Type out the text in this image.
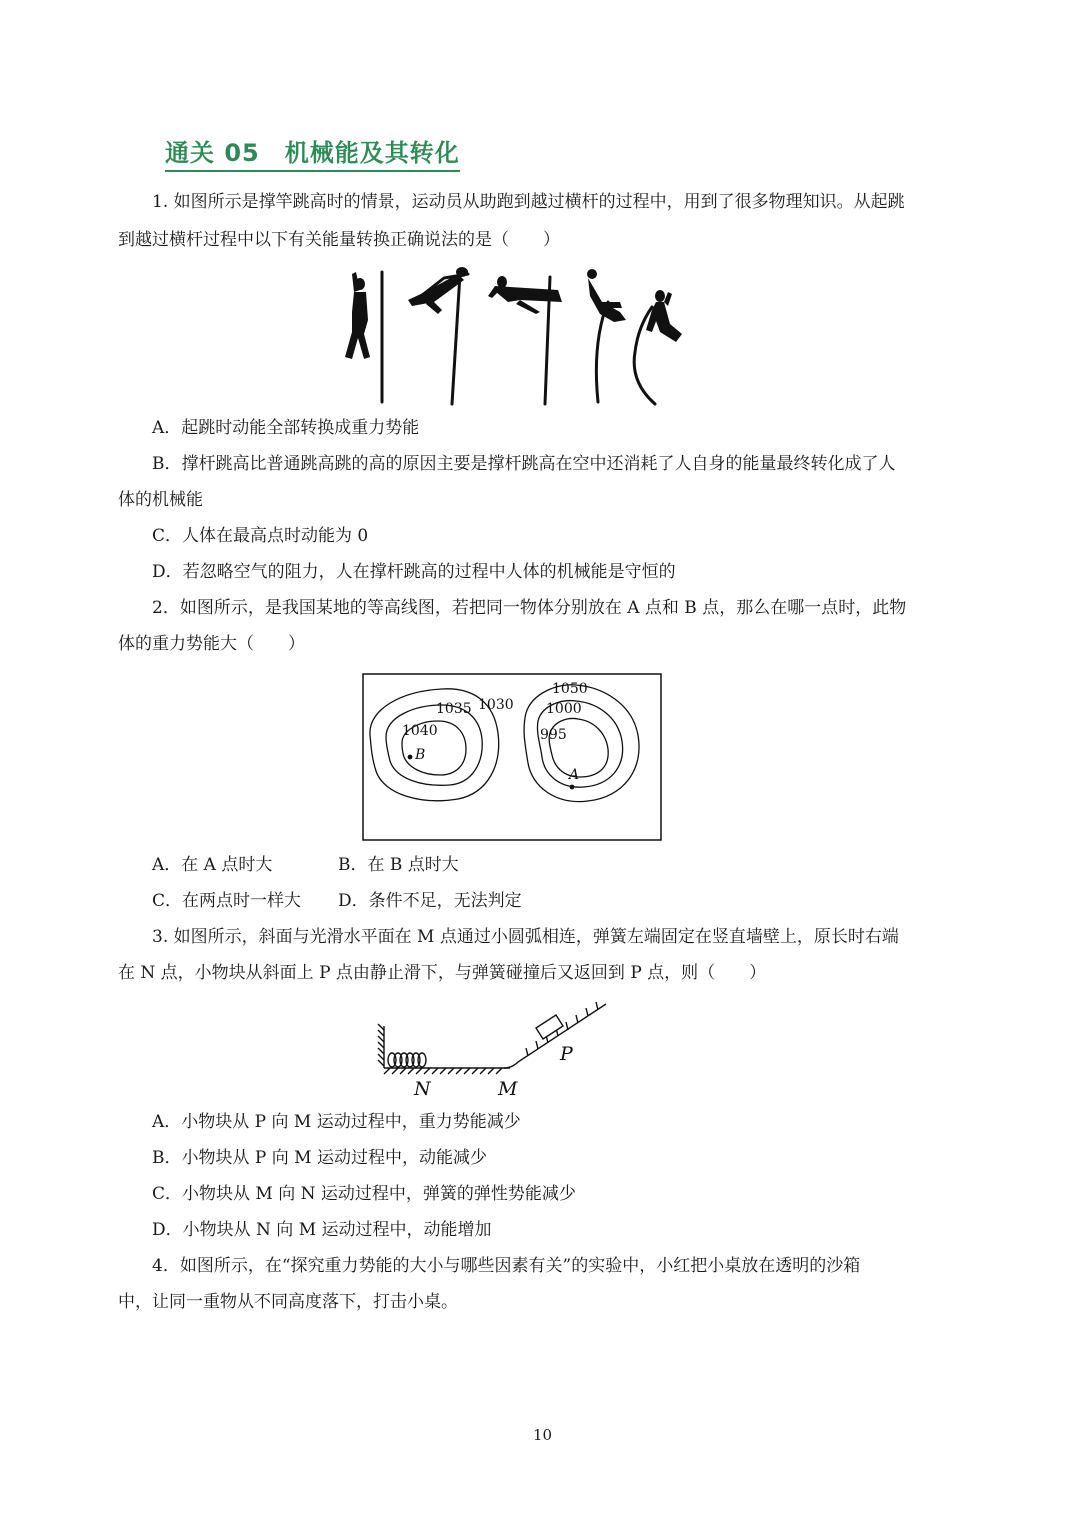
通关 05　机械能及其转化
1. 如图所示是撑竿跳高时的情景，运动员从助跑到越过横杆的过程中，用到了很多物理知识。从起跳
到越过横杆过程中以下有关能量转换正确说法的是（　　）
A．起跳时动能全部转换成重力势能
B．撑杆跳高比普通跳高跳的高的原因主要是撑杆跳高在空中还消耗了人自身的能量最终转化成了人
体的机械能
C．人体在最高点时动能为 0
D．若忽略空气的阻力，人在撑杆跳高的过程中人体的机械能是守恒的
2．如图所示，是我国某地的等高线图，若把同一物体分别放在 A 点和 B 点，那么在哪一点时，此物
体的重力势能大（　　）
1035 1030
1040
B
1050
1000
995
A
A．在 A 点时大	B．在 B 点时大
C．在两点时一样大 D．条件不足，无法判定
3. 如图所示，斜面与光滑水平面在 M 点通过小圆弧相连，弹簧左端固定在竖直墙壁上，原长时右端
在 N 点，小物块从斜面上 P 点由静止滑下，与弹簧碰撞后又返回到 P 点，则（　　）
N	M
P
A．小物块从 P 向 M 运动过程中，重力势能减少
B．小物块从 P 向 M 运动过程中，动能减少
C．小物块从 M 向 N 运动过程中，弹簧的弹性势能减少
D．小物块从 N 向 M 运动过程中，动能增加
4．如图所示，在“探究重力势能的大小与哪些因素有关”的实验中，小红把小桌放在透明的沙箱
中，让同一重物从不同高度落下，打击小桌。
10
